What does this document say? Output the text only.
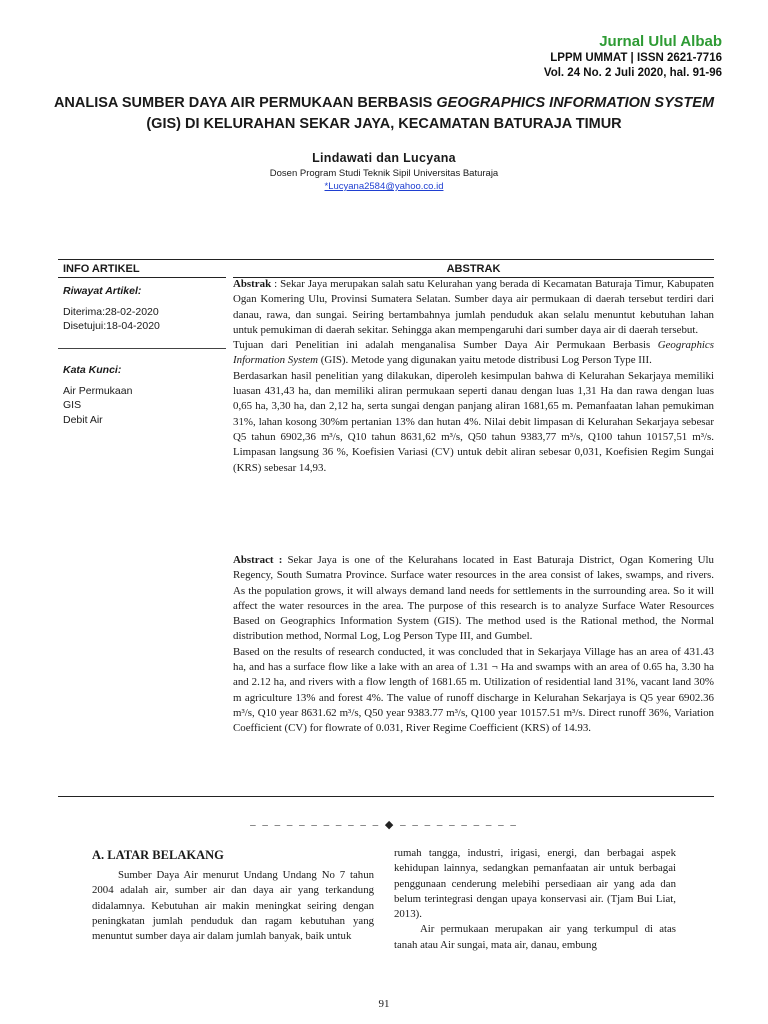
Jurnal Ulul Albab
LPPM UMMAT | ISSN 2621-7716
Vol. 24 No. 2 Juli 2020, hal. 91-96
ANALISA SUMBER DAYA AIR PERMUKAAN BERBASIS GEOGRAPHICS INFORMATION SYSTEM
(GIS) DI KELURAHAN SEKAR JAYA, KECAMATAN BATURAJA TIMUR
Lindawati dan Lucyana
Dosen Program Studi Teknik Sipil Universitas Baturaja
*Lucyana2584@yahoo.co.id
INFO ARTIKEL	ABSTRAK
Riwayat Artikel:
Diterima:28-02-2020
Disetujui:18-04-2020
Kata Kunci:
Air Permukaan
GIS
Debit Air

Abstrak : Sekar Jaya merupakan salah satu Kelurahan yang berada di Kecamatan Baturaja Timur, Kabupaten Ogan Komering Ulu, Provinsi Sumatera Selatan. Sumber daya air permukaan di daerah tersebut terdiri dari danau, rawa, dan sungai. Seiring bertambahnya jumlah penduduk akan selalu menuntut kebutuhan lahan untuk pemukiman di daerah sekitar. Sehingga akan mempengaruhi dari sumber daya air di daerah tersebut.

Tujuan dari Penelitian ini adalah menganalisa Sumber Daya Air Permukaan Berbasis Geographics Information System (GIS). Metode yang digunakan yaitu metode distribusi Log Person Type III.

Berdasarkan hasil penelitian yang dilakukan, diperoleh kesimpulan bahwa di Kelurahan Sekarjaya memiliki luasan 431,43 ha, dan memiliki aliran permukaan seperti danau dengan luas 1,31 Ha dan rawa dengan luas 0,65 ha, 3,30 ha, dan 2,12 ha, serta sungai dengan panjang aliran 1681,65 m. Pemanfaatan lahan pemukiman 31%, lahan kosong 30%m pertanian 13% dan hutan 4%. Nilai debit limpasan di Kelurahan Sekarjaya sebesar Q5 tahun 6902,36 m³/s, Q10 tahun 8631,62 m³/s, Q50 tahun 9383,77 m³/s, Q100 tahun 10157,51 m³/s. Limpasan langsung 36 %, Koefisien Variasi (CV) untuk debit aliran sebesar 0,031, Koefisien Regim Sungai (KRS) sebesar 14,93.

Abstract : Sekar Jaya is one of the Kelurahans located in East Baturaja District, Ogan Komering Ulu Regency, South Sumatra Province. Surface water resources in the area consist of lakes, swamps, and rivers. As the population grows, it will always demand land needs for settlements in the surrounding area. So it will affect the water resources in the area. The purpose of this research is to analyze Surface Water Resources Based on Geographics Information System (GIS). The method used is the Rational method, the Normal distribution method, Normal Log, Log Person Type III, and Gumbel.

Based on the results of research conducted, it was concluded that in Sekarjaya Village has an area of 431.43 ha, and has a surface flow like a lake with an area of 1.31 ¬ Ha and swamps with an area of 0.65 ha, 3.30 ha and 2.12 ha, and rivers with a flow length of 1681.65 m. Utilization of residential land 31%, vacant land 30% m agriculture 13% and forest 4%. The value of runoff discharge in Kelurahan Sekarjaya is Q5 year 6902.36 m³/s, Q10 year 8631.62 m³/s, Q50 year 9383.77 m³/s, Q100 year 10157.51 m³/s. Direct runoff 36%, Variation Coefficient (CV) for flowrate of 0.031, River Regime Coefficient (KRS) of 14.93.

– – – – – – – – – – – ◆ – – – – – – – – – –

A. LATAR BELAKANG

Sumber Daya Air menurut Undang Undang No 7 tahun 2004 adalah air, sumber air dan daya air yang terkandung didalamnya. Kebutuhan air makin meningkat seiring dengan peningkatan jumlah penduduk dan ragam kebutuhan yang menuntut sumber daya air dalam jumlah banyak, baik untuk

rumah tangga, industri, irigasi, energi, dan berbagai aspek kehidupan lainnya, sedangkan pemanfaatan air untuk berbagai penggunaan cenderung melebihi persediaan air yang ada dan belum terintegrasi dengan upaya konservasi air. (Tjam Bui Liat, 2013).

Air permukaan merupakan air yang terkumpul di atas tanah atau Air sungai, mata air, danau, embung

91
